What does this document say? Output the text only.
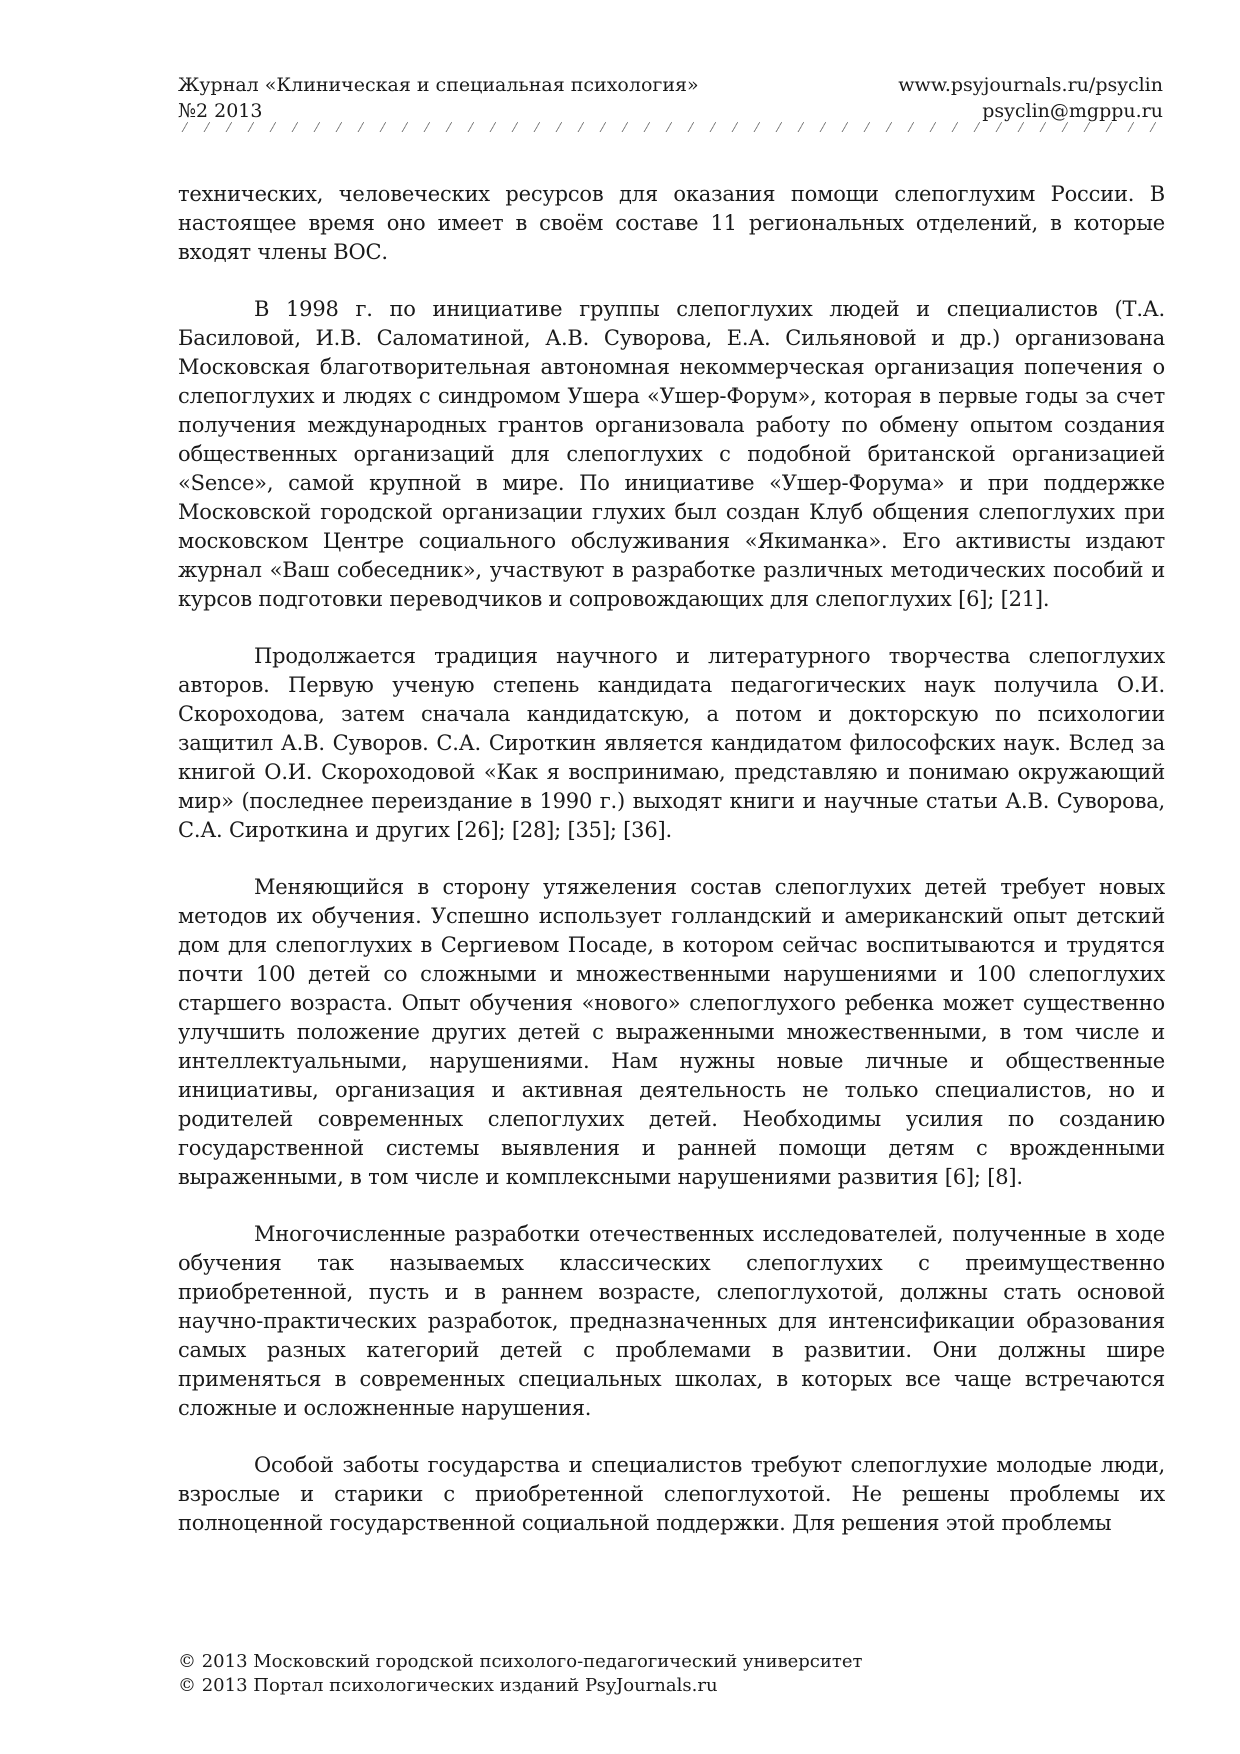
Журнал «Клиническая и специальная психология»	www.psyjournals.ru/psyclin
№2 2013	psyclin@mgppu.ru

технических, человеческих ресурсов для оказания помощи слепоглухим России. В настоящее время оно имеет в своём составе 11 региональных отделений, в которые входят члены ВОС.

В 1998 г. по инициативе группы слепоглухих людей и специалистов (Т.А. Басиловой, И.В. Саломатиной, А.В. Суворова, Е.А. Сильяновой и др.) организована Московская благотворительная автономная некоммерческая организация попечения о слепоглухих и людях с синдромом Ушера «Ушер-Форум», которая в первые годы за счет получения международных грантов организовала работу по обмену опытом создания общественных организаций для слепоглухих с подобной британской организацией «Sence», самой крупной в мире. По инициативе «Ушер-Форума» и при поддержке Московской городской организации глухих был создан Клуб общения слепоглухих при московском Центре социального обслуживания «Якиманка». Его активисты издают журнал «Ваш собеседник», участвуют в разработке различных методических пособий и курсов подготовки переводчиков и сопровождающих для слепоглухих [6]; [21].

Продолжается традиция научного и литературного творчества слепоглухих авторов. Первую ученую степень кандидата педагогических наук получила О.И. Скороходова, затем сначала кандидатскую, а потом и докторскую по психологии защитил А.В. Суворов. С.А. Сироткин является кандидатом философских наук. Вслед за книгой О.И. Скороходовой «Как я воспринимаю, представляю и понимаю окружающий мир» (последнее переиздание в 1990 г.) выходят книги и научные статьи А.В. Суворова, С.А. Сироткина и других [26]; [28]; [35]; [36].

Меняющийся в сторону утяжеления состав слепоглухих детей требует новых методов их обучения. Успешно использует голландский и американский опыт детский дом для слепоглухих в Сергиевом Посаде, в котором сейчас воспитываются и трудятся почти 100 детей со сложными и множественными нарушениями и 100 слепоглухих старшего возраста. Опыт обучения «нового» слепоглухого ребенка может существенно улучшить положение других детей с выраженными множественными, в том числе и интеллектуальными, нарушениями. Нам нужны новые личные и общественные инициативы, организация и активная деятельность не только специалистов, но и родителей современных слепоглухих детей. Необходимы усилия по созданию государственной системы выявления и ранней помощи детям с врожденными выраженными, в том числе и комплексными нарушениями развития [6]; [8].

Многочисленные разработки отечественных исследователей, полученные в ходе обучения так называемых классических слепоглухих с преимущественно приобретенной, пусть и в раннем возрасте, слепоглухотой, должны стать основой научно-практических разработок, предназначенных для интенсификации образования самых разных категорий детей с проблемами в развитии. Они должны шире применяться в современных специальных школах, в которых все чаще встречаются сложные и осложненные нарушения.

Особой заботы государства и специалистов требуют слепоглухие молодые люди, взрослые и старики с приобретенной слепоглухотой. Не решены проблемы их полноценной государственной социальной поддержки. Для решения этой проблемы

© 2013 Московский городской психолого-педагогический университет
© 2013 Портал психологических изданий PsyJournals.ru
